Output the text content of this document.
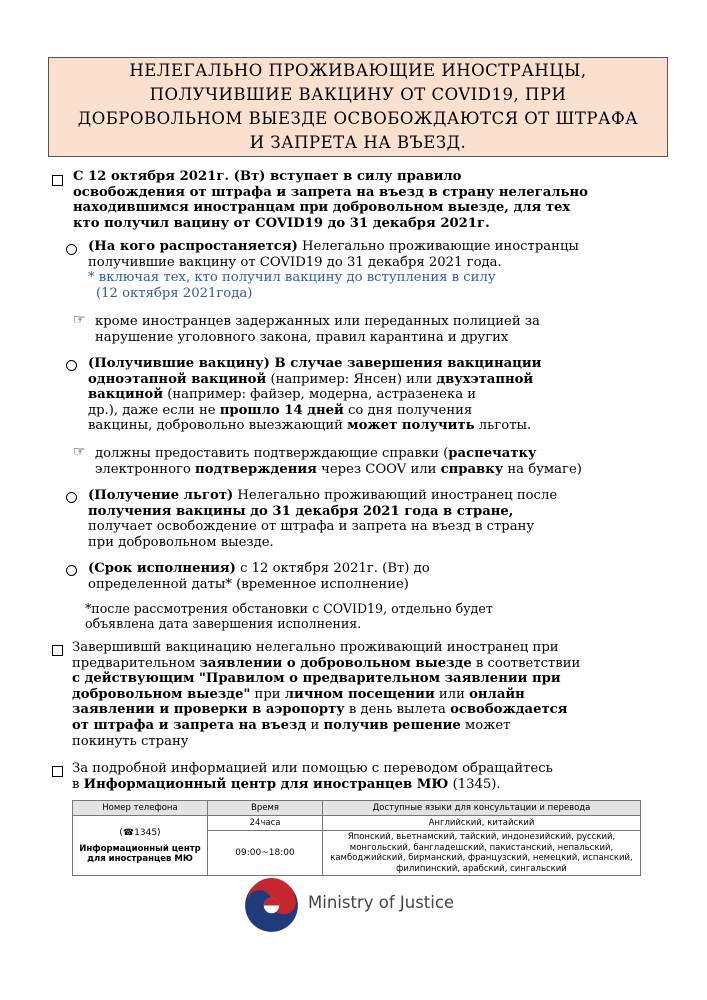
НЕЛЕГАЛЬНО ПРОЖИВАЮЩИЕ ИНОСТРАНЦЫ,
ПОЛУЧИВШИЕ ВАКЦИНУ ОТ COVID19, ПРИ
ДОБРОВОЛЬНОМ ВЫЕЗДЕ ОСВОБОЖДАЮТСЯ ОТ ШТРАФА
И ЗАПРЕТА НА ВЪЕЗД.
С 12 октября 2021г. (Вт) вступает в силу правило
освобождения от штрафа и запрета на въезд в страну нелегально
находившимся иностранцам при добровольном выезде, для тех
кто получил вацину от COVID19 до 31 декабря 2021г.
(На кого распростаняется) Нелегально проживающие иностранцы
получившие вакцину от COVID19 до 31 декабря 2021 года.
* включая тех, кто получил вакцину до вступления в силу
(12 октября 2021года)
☞ кроме иностранцев задержанных или переданных полицией за
нарушение уголовного закона, правил карантина и других
(Получившие вакцину) В случае завершения вакцинации
одноэтапной вакциной (например: Янсен) или двухэтапной
вакциной (например: файзер, модерна, астразенека и
др.), даже если не прошло 14 дней со дня получения
вакцины, добровольно выезжающий может получить льготы.
☞ должны предоставить подтверждающие справки (распечатку
электронного подтверждения через COOV или справку на бумаге)
(Получение льгот) Нелегально проживающий иностранец после
получения вакцины до 31 декабря 2021 года в стране,
получает освобождение от штрафа и запрета на въезд в страну
при добровольном выезде.
(Срок исполнения) с 12 октября 2021г. (Вт) до
определенной даты* (временное исполнение)
*после рассмотрения обстановки с COVID19, отдельно будет
объявлена дата завершения исполнения.
Завершившй вакцинацию нелегально проживающий иностранец при
предварительном заявлении о добровольном выезде в соответствии
с действующим "Правилом о предварительном заявлении при
добровольном выезде" при личном посещении или онлайн
заявлении и проверки в аэропорту в день вылета освобождается
от штрафа и запрета на въезд и получив решение может
покинуть страну
За подробной информацией или помощью с переводом обращайтесь
в Информационный центр для иностранцев МЮ (1345).
Номер телефона	Время	Доступные языки для консультации и перевода

(☎1345)
Информационный центр для иностранцев МЮ	24часа	Английский, китайский
	09:00~18:00	Японский, вьетнамский, тайский, индонезийский, русский, монгольский, бангладешский, пакистанский, непальский, камбоджийский, бирманский, французский, немецкий, испанский, филипинский, арабский, сингальский
Ministry of Justice
